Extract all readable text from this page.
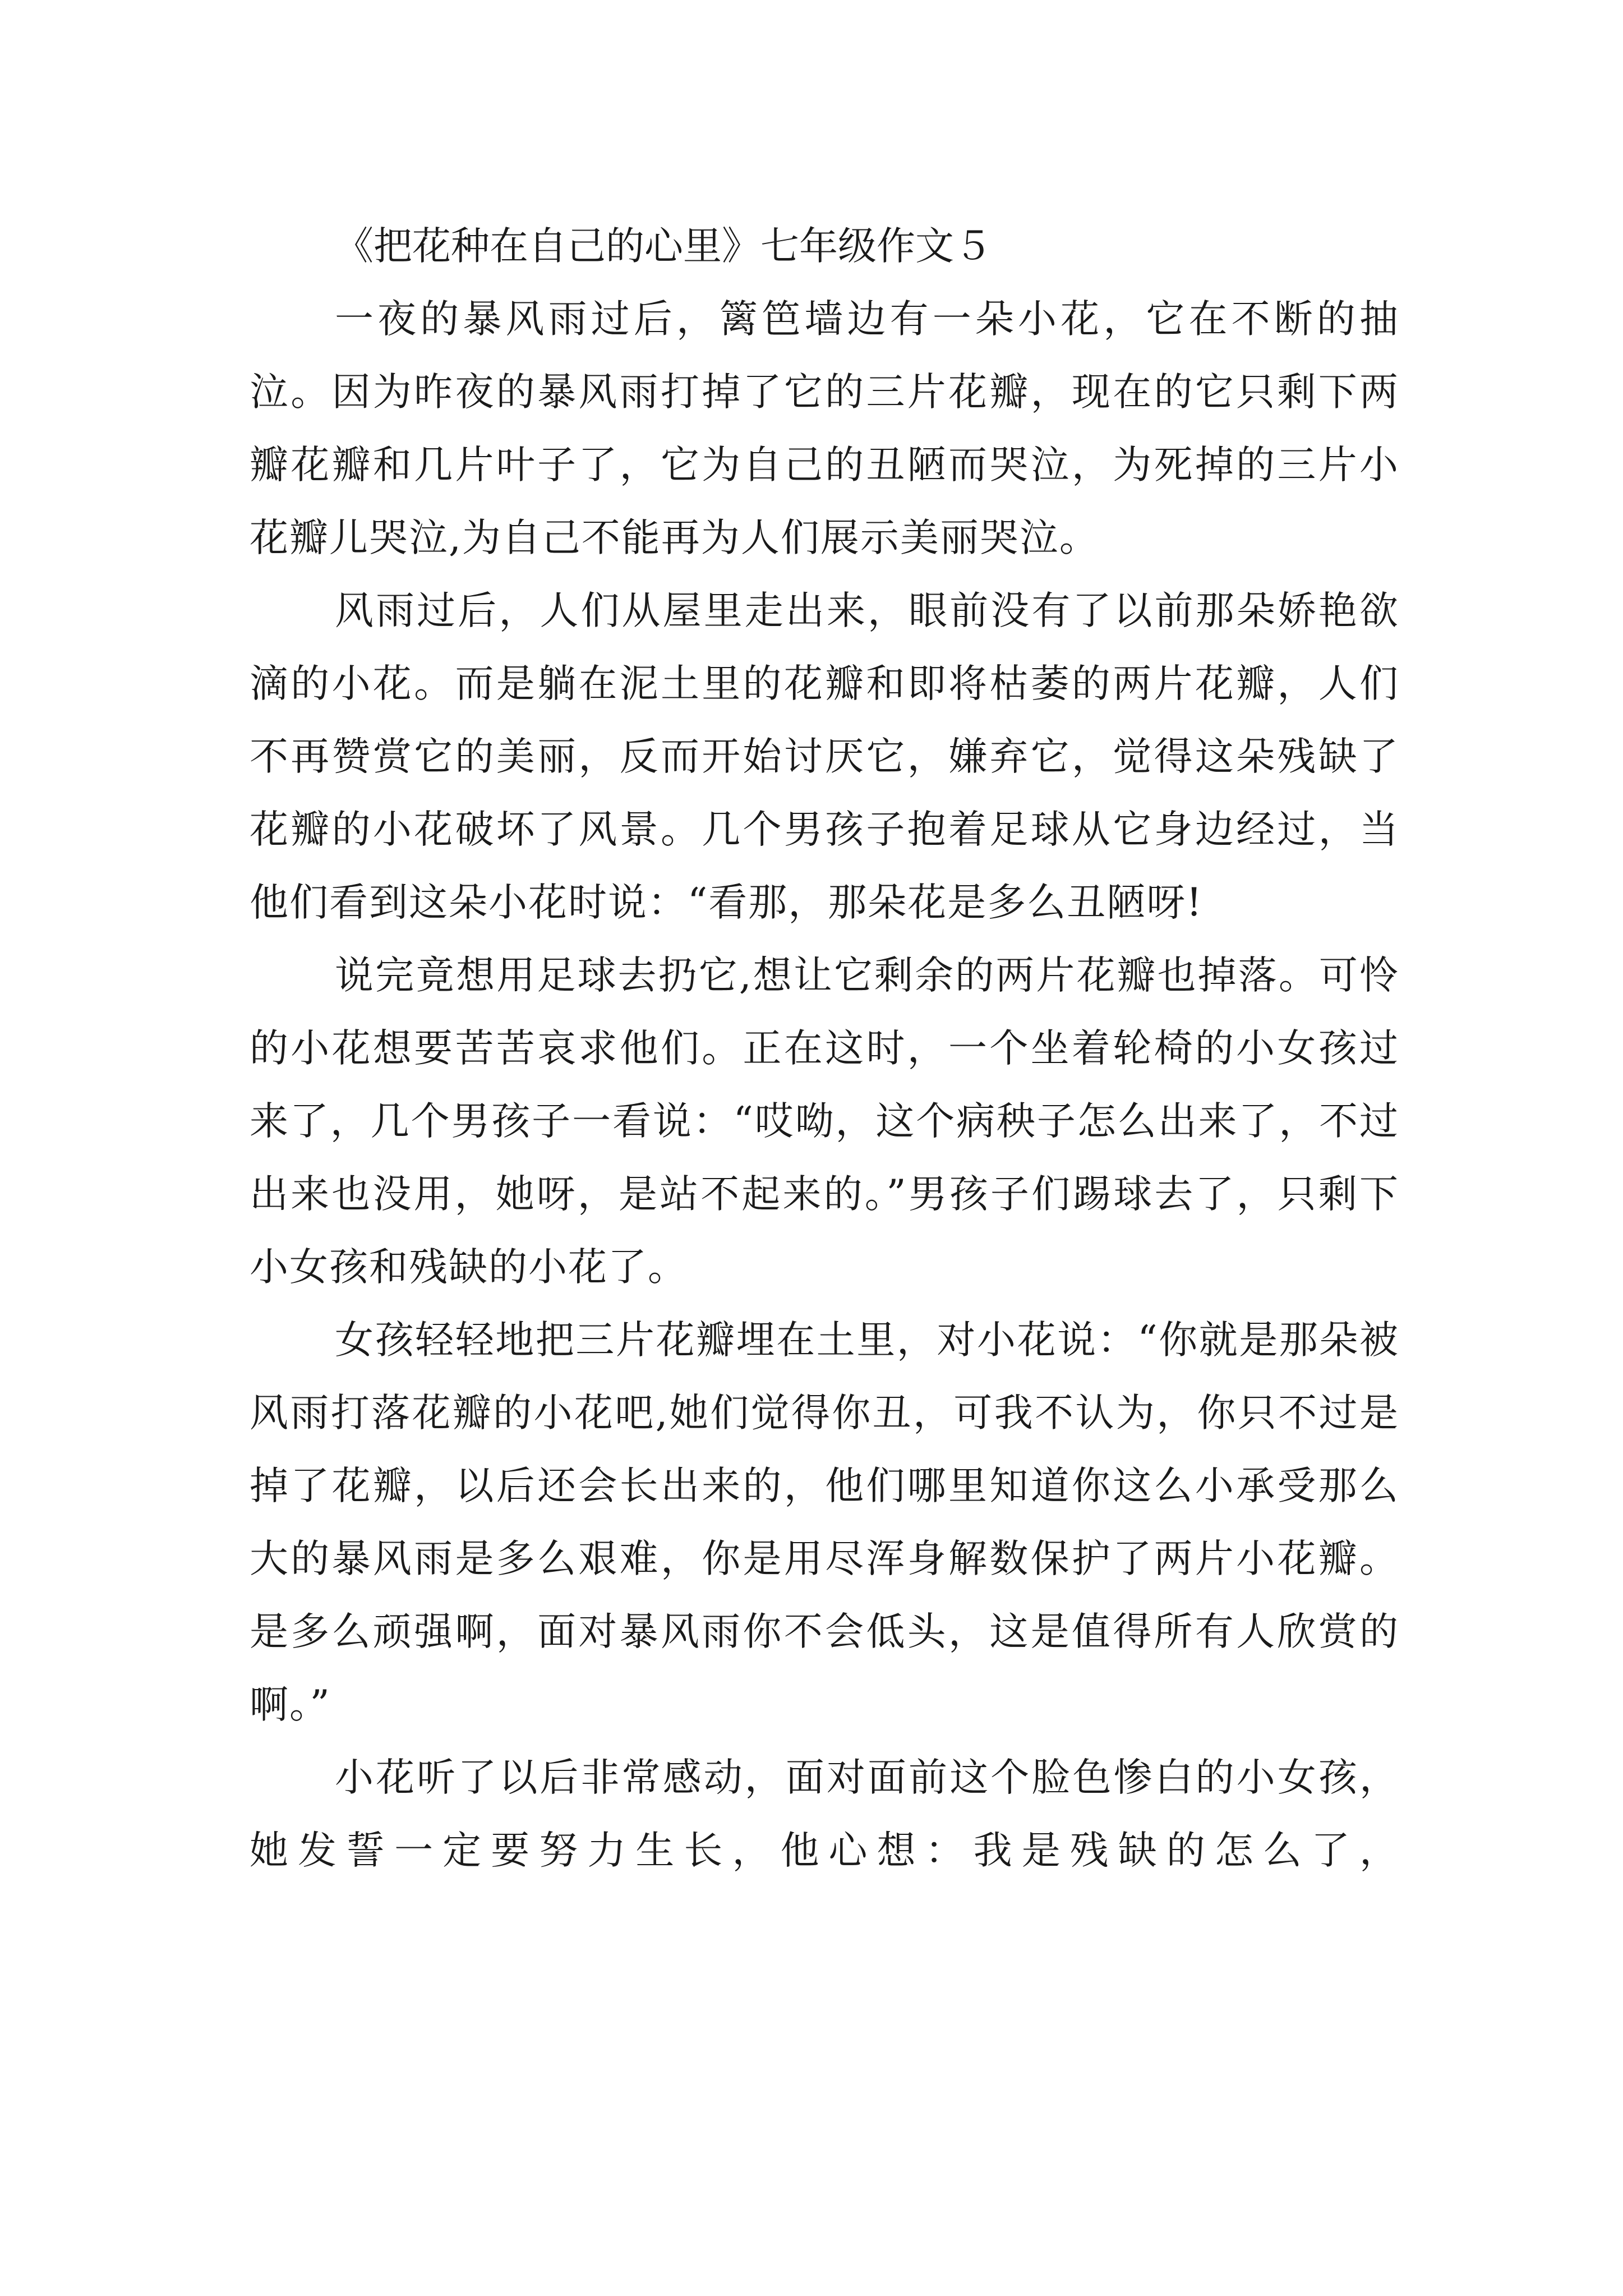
《把花种在自己的心里》七年级作文５

一夜的暴风雨过后，篱笆墙边有一朵小花，它在不断的抽泣。因为昨夜的暴风雨打掉了它的三片花瓣，现在的它只剩下两瓣花瓣和几片叶子了，它为自己的丑陋而哭泣，为死掉的三片小花瓣儿哭泣,为自己不能再为人们展示美丽哭泣。

风雨过后，人们从屋里走出来，眼前没有了以前那朵娇艳欲滴的小花。而是躺在泥土里的花瓣和即将枯萎的两片花瓣，人们不再赞赏它的美丽，反而开始讨厌它，嫌弃它，觉得这朵残缺了花瓣的小花破坏了风景。几个男孩子抱着足球从它身边经过，当他们看到这朵小花时说：“看那，那朵花是多么丑陋呀!

说完竟想用足球去扔它,想让它剩余的两片花瓣也掉落。可怜的小花想要苦苦哀求他们。正在这时，一个坐着轮椅的小女孩过来了，几个男孩子一看说：“哎呦，这个病秧子怎么出来了，不过出来也没用，她呀，是站不起来的。”男孩子们踢球去了，只剩下小女孩和残缺的小花了。

女孩轻轻地把三片花瓣埋在土里，对小花说：“你就是那朵被风雨打落花瓣的小花吧,她们觉得你丑，可我不认为，你只不过是掉了花瓣，以后还会长出来的，他们哪里知道你这么小承受那么大的暴风雨是多么艰难，你是用尽浑身解数保护了两片小花瓣。是多么顽强啊，面对暴风雨你不会低头，这是值得所有人欣赏的啊。”

小花听了以后非常感动，面对面前这个脸色惨白的小女孩，她发誓一定要努力生长，他心想：我是残缺的怎么了，
